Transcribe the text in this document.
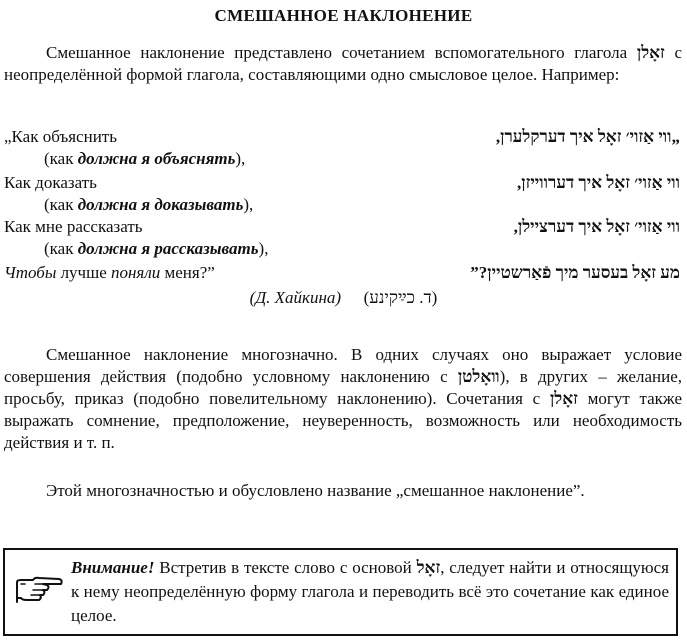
СМЕШАННОЕ НАКЛОНЕНИЕ
Смешанное наклонение представлено сочетанием вспомогательного глагола זאָלן с неопределённой формой глагола, составляющими одно смысловое целое. Например:
„Как объяснить	„ווי אַזוי׳ זאָל איך דערקלערן,
(как должна я объяснять),
Как доказать	ווי אַזוי׳ זאָל איך דערווייזן,
(как должна я доказывать),
Как мне рассказать	ווי אַזוי׳ זאָל איך דערציילן,
(как должна я рассказывать),
Чтобы лучше поняли меня?”	מע זאָל בעסער מיך פֿאַרשטיין?”
(Д. Хайкина) (ד. כײַקינע)
Смешанное наклонение многозначно. В одних случаях оно выражает условие совершения действия (подобно условному наклонению с װאָלטן), в других – желание, просьбу, приказ (подобно повелительному наклонению). Сочетания с זאָלן могут также выражать сомнение, предположение, неуверенность, возможность или необходимость действия и т. п.
Этой многозначностью и обусловлено название „смешанное наклонение”.
Внимание! Встретив в тексте слово с основой זאָל, следует найти и относящуюся к нему неопределённую форму глагола и переводить всё это сочетание как единое целое.
